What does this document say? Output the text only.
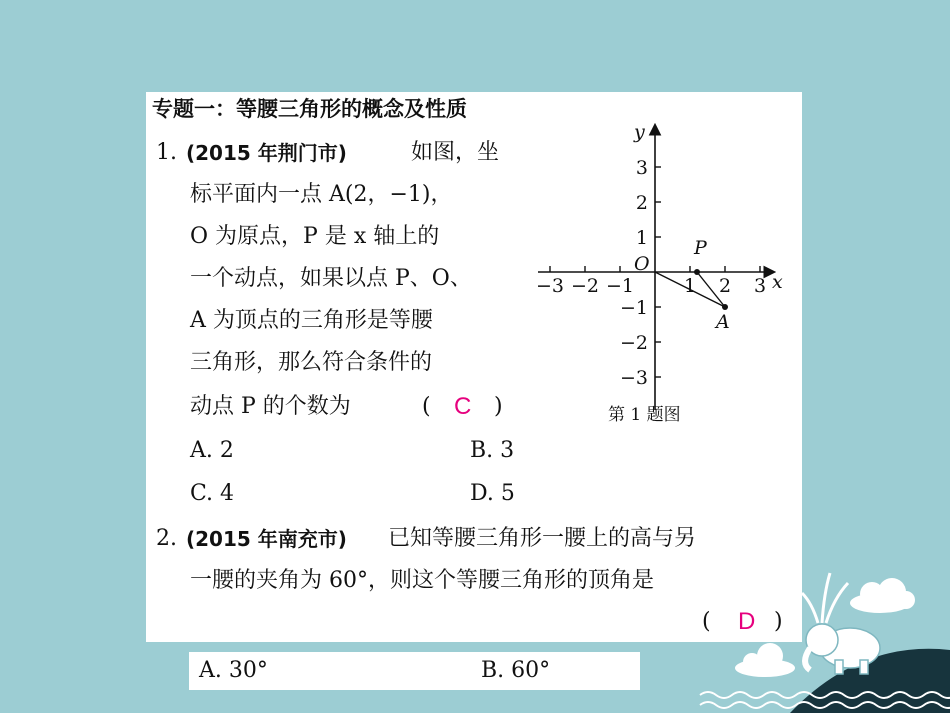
专题一：等腰三角形的概念及性质
1. (2015 年荆门市)	如图，坐
标平面内一点 A(2，−1)，
O 为原点，P 是 x 轴上的
一个动点，如果以点 P、O、
A 为顶点的三角形是等腰
三角形，那么符合条件的
动点 P 的个数为	( C )
A. 2	B. 3
C. 4	D. 5
−3 −2 −1	1 2 3
3
2
1
−1
−2
−3
x
y
O
P
A
第 1 题图
2. (2015 年南充市) 已知等腰三角形一腰上的高与另
一腰的夹角为 60°，则这个等腰三角形的顶角是
( D )
A. 30°	B. 60°
